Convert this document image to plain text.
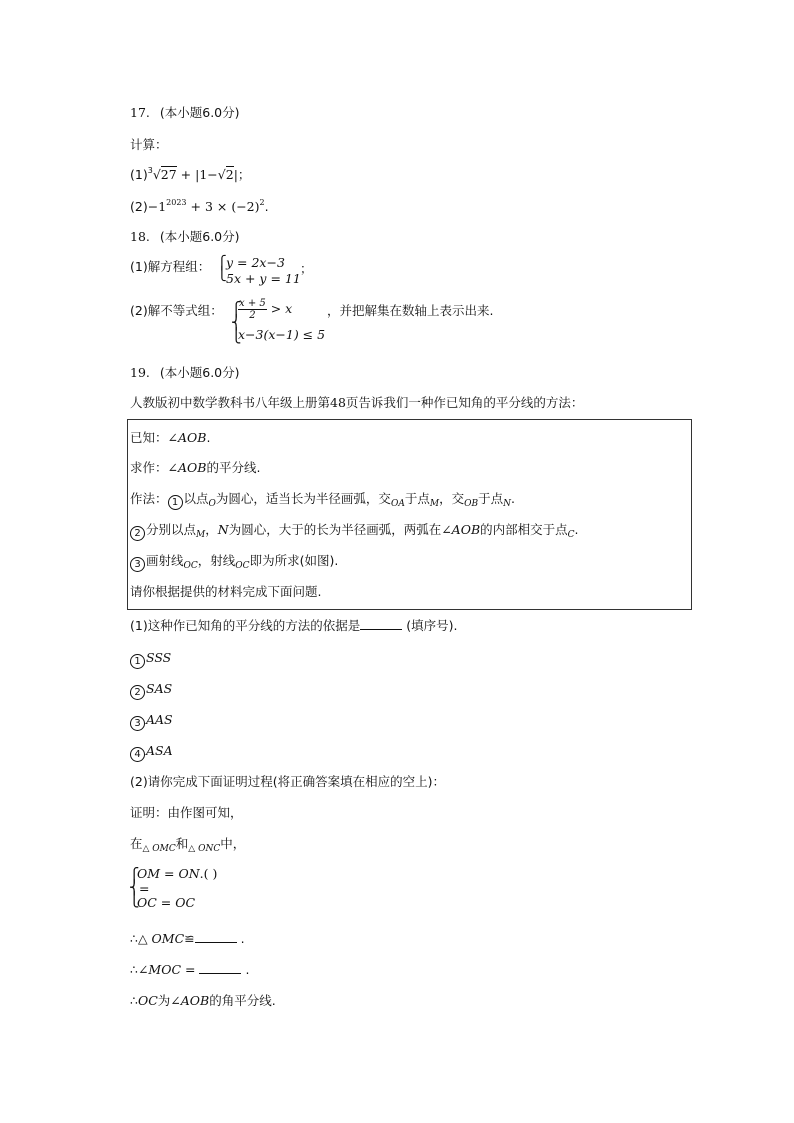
17. (本小题6.0分)
计算：
$(1)^3√27 + |1-√2|$；
$(2)-1^{2023} + 3 \times (-2)^2$.
18. (本小题6.0分)
(1)解方程组： ⎧
⎩
y = 2x−3
5x + y = 11
；
(2)解不等式组： ⎧
⎨
⎩
$\frac{x + 5}{2} > x$
x−3(x−1) ≤ 5
，并把解集在数轴上表示出来.
19. (本小题6.0分)
人教版初中数学教科书八年级上册第48页告诉我们一种作已知角的平分线的方法：
已知：∠AOB.
求作：∠AOB的平分线.
作法： 1 以点$_O$为圆心，适当长为半径画弧，交$_{OA}$于点$_M$，交$_{OB}$于点$_N$.
2 分别以点$_M$，N为圆心，大于的长为半径画弧，两弧在∠AOB的内部相交于点$_C$.
3 画射线$_{OC}$，射线$_{OC}$即为所求(如图).
请你根据提供的材料完成下面问题.
(1)这种作已知角的平分线的方法的依据是	(填序号).
1 SSS
2 SAS
3 AAS
4 ASA
(2)请你完成下面证明过程(将正确答案填在相应的空上)：
证明：由作图可知，
在$_{\triangle OMC}$和$_{\triangle ONC}$中，
⎧
⎨
⎩
OM = ON.( )
=
OC = OC
∴△ OMC≌	.
∴∠MOC =	.
∴OC为∠AOB的角平分线.
